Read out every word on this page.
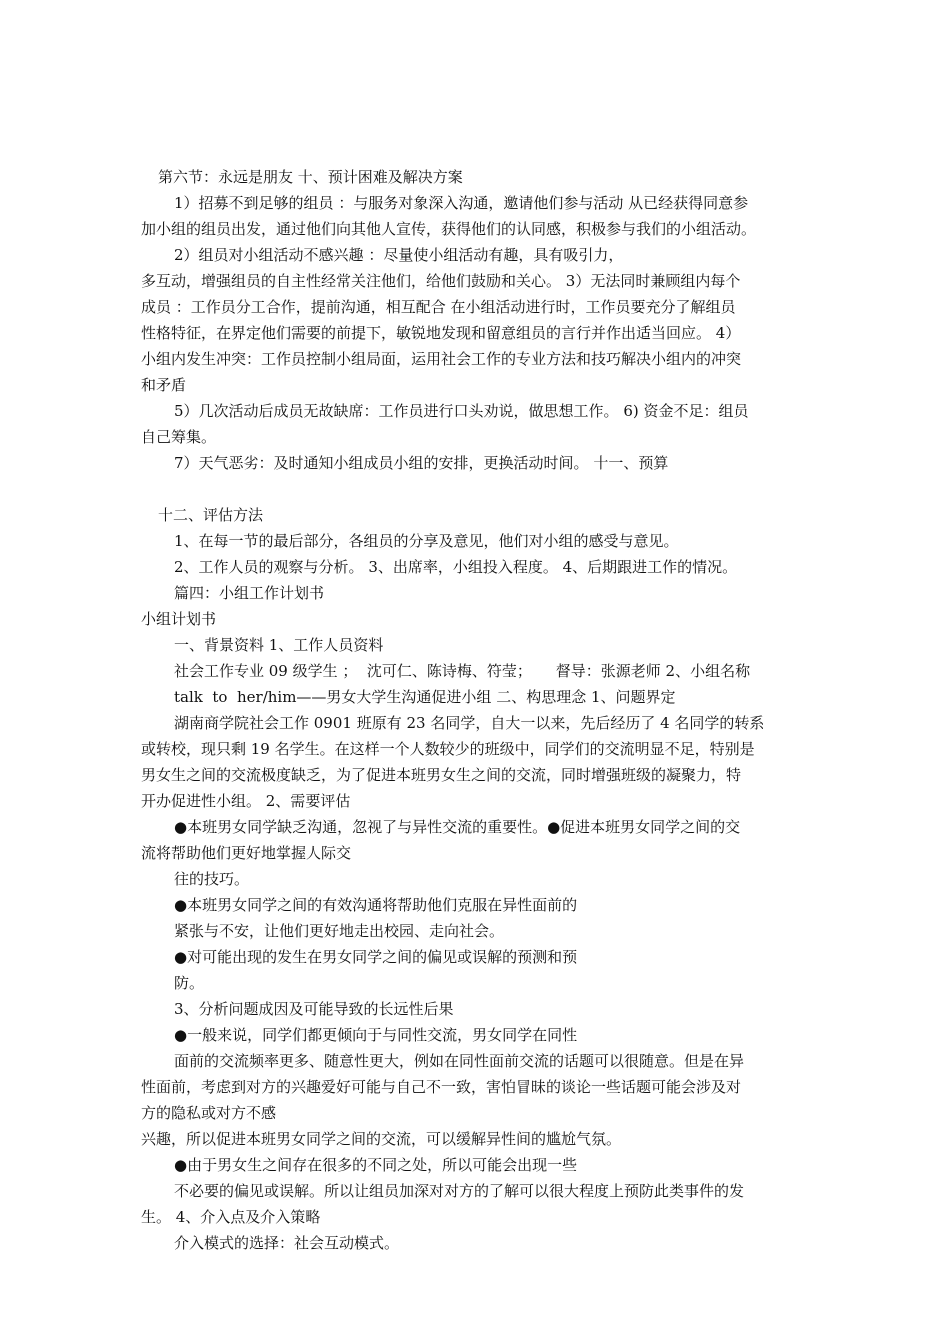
第六节：永远是朋友 十、预计困难及解决方案
1）招募不到足够的组员 ：与服务对象深入沟通，邀请他们参与活动 从已经获得同意参
加小组的组员出发，通过他们向其他人宣传，获得他们的认同感，积极参与我们的小组活动。
2）组员对小组活动不感兴趣 ：尽量使小组活动有趣，具有吸引力，
多互动，增强组员的自主性经常关注他们，给他们鼓励和关心。 3）无法同时兼顾组内每个
成员 ：工作员分工合作，提前沟通，相互配合 在小组活动进行时，工作员要充分了解组员
性格特征，在界定他们需要的前提下，敏锐地发现和留意组员的言行并作出适当回应。 4）
小组内发生冲突：工作员控制小组局面，运用社会工作的专业方法和技巧解决小组内的冲突
和矛盾
5）几次活动后成员无故缺席：工作员进行口头劝说，做思想工作。 6) 资金不足：组员
自己筹集。
7）天气恶劣：及时通知小组成员小组的安排，更换活动时间。 十一、预算
十二、评估方法
1、在每一节的最后部分，各组员的分享及意见，他们对小组的感受与意见。
2、工作人员的观察与分析。 3、出席率，小组投入程度。 4、后期跟进工作的情况。
篇四：小组工作计划书
小组计划书
一、背景资料 1、工作人员资料
社会工作专业 09 级学生 ；  沈可仁、陈诗梅、符莹；     督导：张源老师 2、小组名称
talk  to  her/him——男女大学生沟通促进小组 二、构思理念 1、问题界定
湖南商学院社会工作 0901 班原有 23 名同学，自大一以来，先后经历了 4 名同学的转系
或转校，现只剩 19 名学生。在这样一个人数较少的班级中，同学们的交流明显不足，特别是
男女生之间的交流极度缺乏，为了促进本班男女生之间的交流，同时增强班级的凝聚力，特
开办促进性小组。 2、需要评估
●本班男女同学缺乏沟通，忽视了与异性交流的重要性。●促进本班男女同学之间的交
流将帮助他们更好地掌握人际交
往的技巧。
●本班男女同学之间的有效沟通将帮助他们克服在异性面前的
紧张与不安，让他们更好地走出校园、走向社会。
●对可能出现的发生在男女同学之间的偏见或误解的预测和预
防。
3、分析问题成因及可能导致的长远性后果
●一般来说，同学们都更倾向于与同性交流，男女同学在同性
面前的交流频率更多、随意性更大，例如在同性面前交流的话题可以很随意。但是在异
性面前，考虑到对方的兴趣爱好可能与自己不一致，害怕冒昧的谈论一些话题可能会涉及对
方的隐私或对方不感
兴趣，所以促进本班男女同学之间的交流，可以缓解异性间的尴尬气氛。
●由于男女生之间存在很多的不同之处，所以可能会出现一些
不必要的偏见或误解。所以让组员加深对对方的了解可以很大程度上预防此类事件的发
生。 4、介入点及介入策略
介入模式的选择：社会互动模式。
